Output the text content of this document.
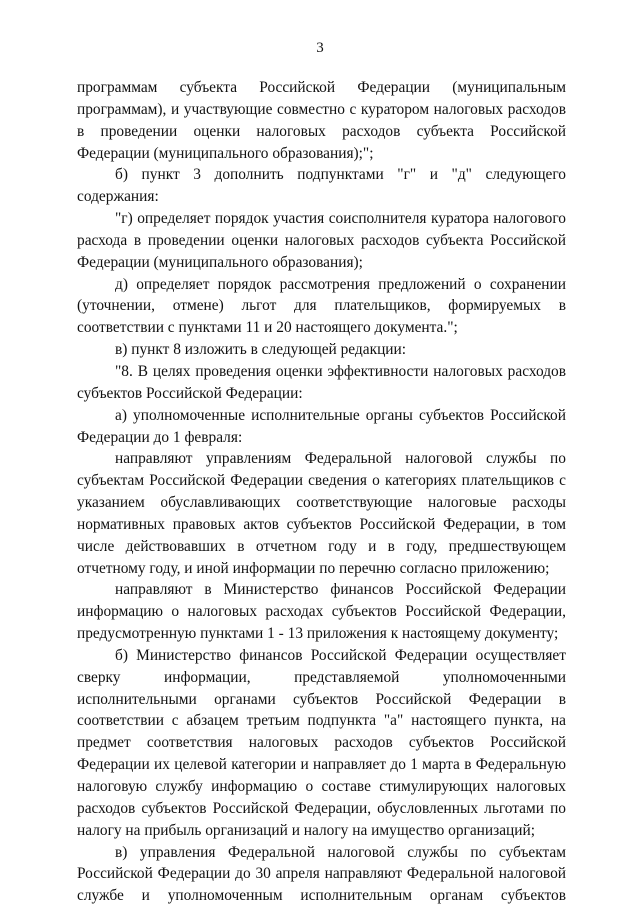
3

программам субъекта Российской Федерации (муниципальным программам), и участвующие совместно с куратором налоговых расходов в проведении оценки налоговых расходов субъекта Российской Федерации (муниципального образования);";

б) пункт 3 дополнить подпунктами "г" и "д" следующего содержания:

"г) определяет порядок участия соисполнителя куратора налогового расхода в проведении оценки налоговых расходов субъекта Российской Федерации (муниципального образования);

д) определяет порядок рассмотрения предложений о сохранении (уточнении, отмене) льгот для плательщиков, формируемых в соответствии с пунктами 11 и 20 настоящего документа.";

в) пункт 8 изложить в следующей редакции:

"8. В целях проведения оценки эффективности налоговых расходов субъектов Российской Федерации:

а) уполномоченные исполнительные органы субъектов Российской Федерации до 1 февраля:

направляют управлениям Федеральной налоговой службы по субъектам Российской Федерации сведения о категориях плательщиков с указанием обуславливающих соответствующие налоговые расходы нормативных правовых актов субъектов Российской Федерации, в том числе действовавших в отчетном году и в году, предшествующем отчетному году, и иной информации по перечню согласно приложению;

направляют в Министерство финансов Российской Федерации информацию о налоговых расходах субъектов Российской Федерации, предусмотренную пунктами 1 - 13 приложения к настоящему документу;

б) Министерство финансов Российской Федерации осуществляет сверку информации, представляемой уполномоченными исполнительными органами субъектов Российской Федерации в соответствии с абзацем третьим подпункта "а" настоящего пункта, на предмет соответствия налоговых расходов субъектов Российской Федерации их целевой категории и направляет до 1 марта в Федеральную налоговую службу информацию о составе стимулирующих налоговых расходов субъектов Российской Федерации, обусловленных льготами по налогу на прибыль организаций и налогу на имущество организаций;

в) управления Федеральной налоговой службы по субъектам Российской Федерации до 30 апреля направляют Федеральной налоговой службе и уполномоченным исполнительным органам субъектов
